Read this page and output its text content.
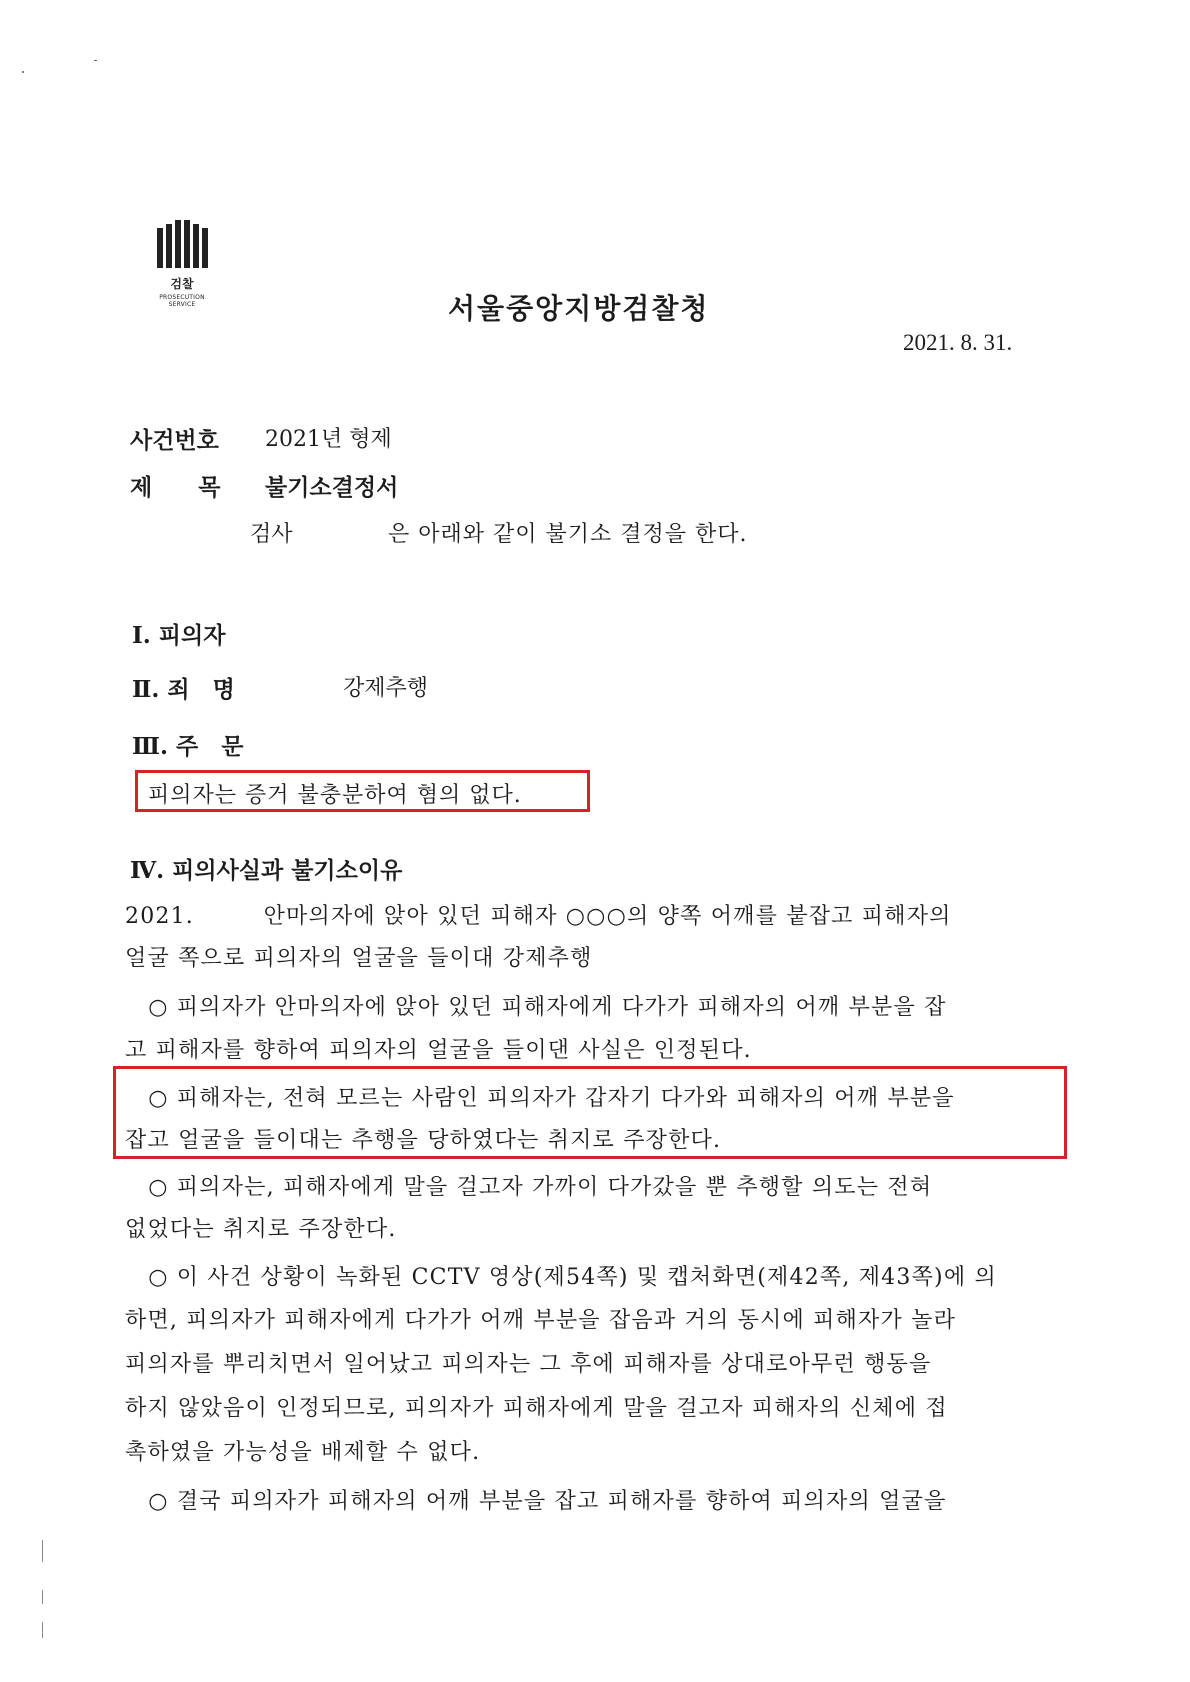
검찰
PROSECUTION SERVICE	서울중앙지방검찰청
2021. 8. 31.
사건번호 2021년 형제
제　　목 불기소결정서
검사	은 아래와 같이 불기소 결정을 한다.
Ⅰ. 피의자
Ⅱ. 죄　명	강제추행
Ⅲ. 주　문
피의자는 증거 불충분하여 혐의 없다.
Ⅳ. 피의사실과 불기소이유
2021.　　　안마의자에 앉아 있던 피해자 ○○○의 양쪽 어깨를 붙잡고 피해자의
얼굴 쪽으로 피의자의 얼굴을 들이대 강제추행
　○ 피의자가 안마의자에 앉아 있던 피해자에게 다가가 피해자의 어깨 부분을 잡
고 피해자를 향하여 피의자의 얼굴을 들이댄 사실은 인정된다.
　○ 피해자는, 전혀 모르는 사람인 피의자가 갑자기 다가와 피해자의 어깨 부분을
잡고 얼굴을 들이대는 추행을 당하였다는 취지로 주장한다.
　○ 피의자는, 피해자에게 말을 걸고자 가까이 다가갔을 뿐 추행할 의도는 전혀
없었다는 취지로 주장한다.
　○ 이 사건 상황이 녹화된 CCTV 영상(제54쪽) 및 캡처화면(제42쪽, 제43쪽)에 의
하면, 피의자가 피해자에게 다가가 어깨 부분을 잡음과 거의 동시에 피해자가 놀라
피의자를 뿌리치면서 일어났고 피의자는 그 후에 피해자를 상대로아무런 행동을
하지 않았음이 인정되므로, 피의자가 피해자에게 말을 걸고자 피해자의 신체에 접
촉하였을 가능성을 배제할 수 없다.
　○ 결국 피의자가 피해자의 어깨 부분을 잡고 피해자를 향하여 피의자의 얼굴을
